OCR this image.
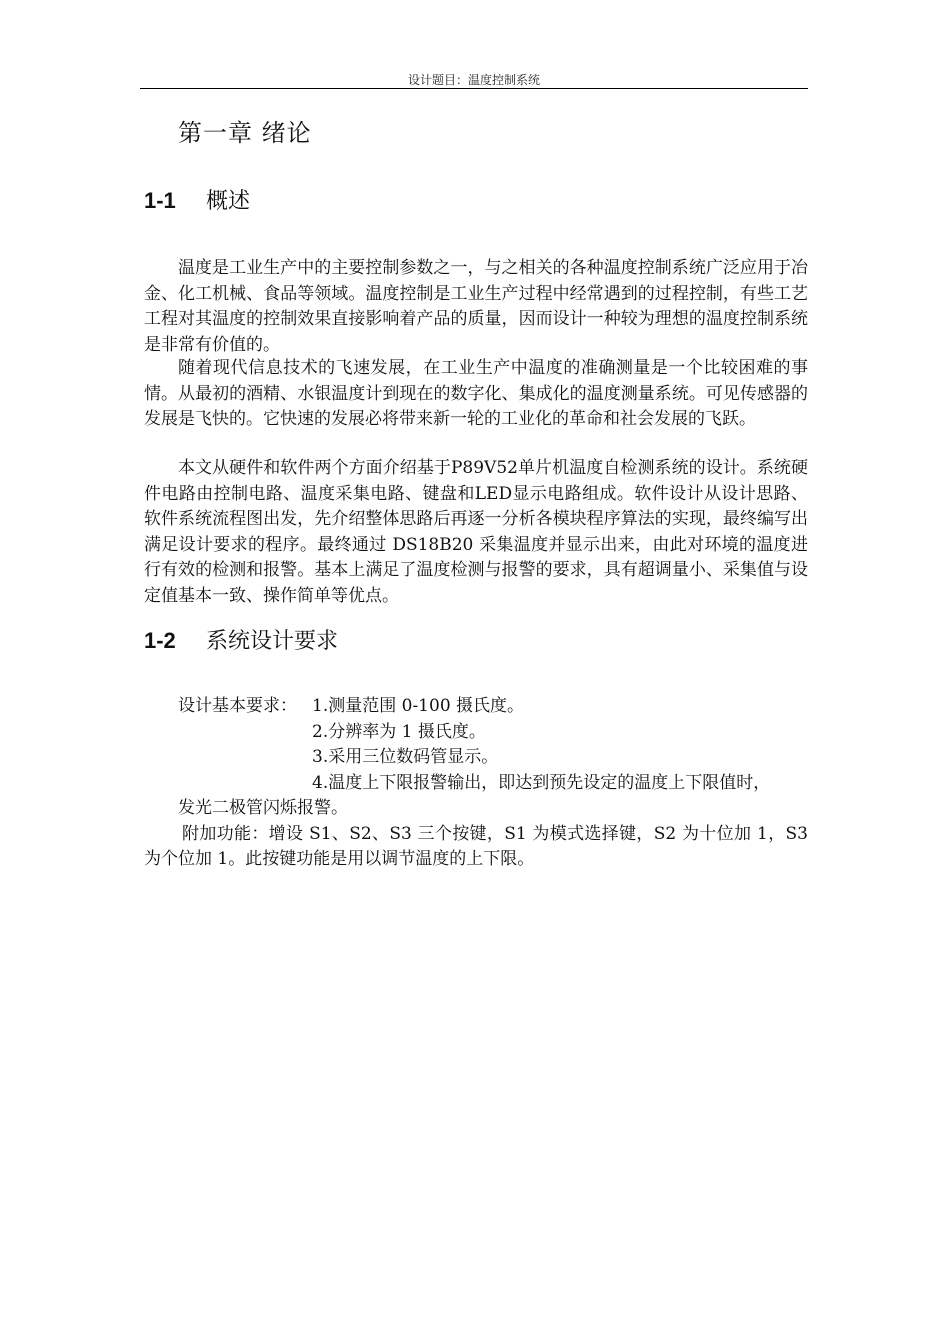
设计题目：温度控制系统
第一章 绪论
1-1 概述

温度是工业生产中的主要控制参数之一，与之相关的各种温度控制系统广泛应用于冶金、化工机械、食品等领域。温度控制是工业生产过程中经常遇到的过程控制，有些工艺工程对其温度的控制效果直接影响着产品的质量，因而设计一种较为理想的温度控制系统是非常有价值的。

随着现代信息技术的飞速发展，在工业生产中温度的准确测量是一个比较困难的事情。从最初的酒精、水银温度计到现在的数字化、集成化的温度测量系统。可见传感器的发展是飞快的。它快速的发展必将带来新一轮的工业化的革命和社会发展的飞跃。

本文从硬件和软件两个方面介绍基于P89V52单片机温度自检测系统的设计。系统硬件电路由控制电路、温度采集电路、键盘和LED显示电路组成。软件设计从设计思路、软件系统流程图出发，先介绍整体思路后再逐一分析各模块程序算法的实现，最终编写出满足设计要求的程序。最终通过 DS18B20 采集温度并显示出来，由此对环境的温度进行有效的检测和报警。基本上满足了温度检测与报警的要求，具有超调量小、采集值与设定值基本一致、操作简单等优点。

1-2 系统设计要求
设计基本要求： 1.测量范围 0-100 摄氏度。
2.分辨率为 1 摄氏度。
3.采用三位数码管显示。
4.温度上下限报警输出，即达到预先设定的温度上下限值时，
发光二极管闪烁报警。

附加功能：增设 S1、S2、S3 三个按键，S1 为模式选择键，S2 为十位加 1，S3 为个位加 1。此按键功能是用以调节温度的上下限。
